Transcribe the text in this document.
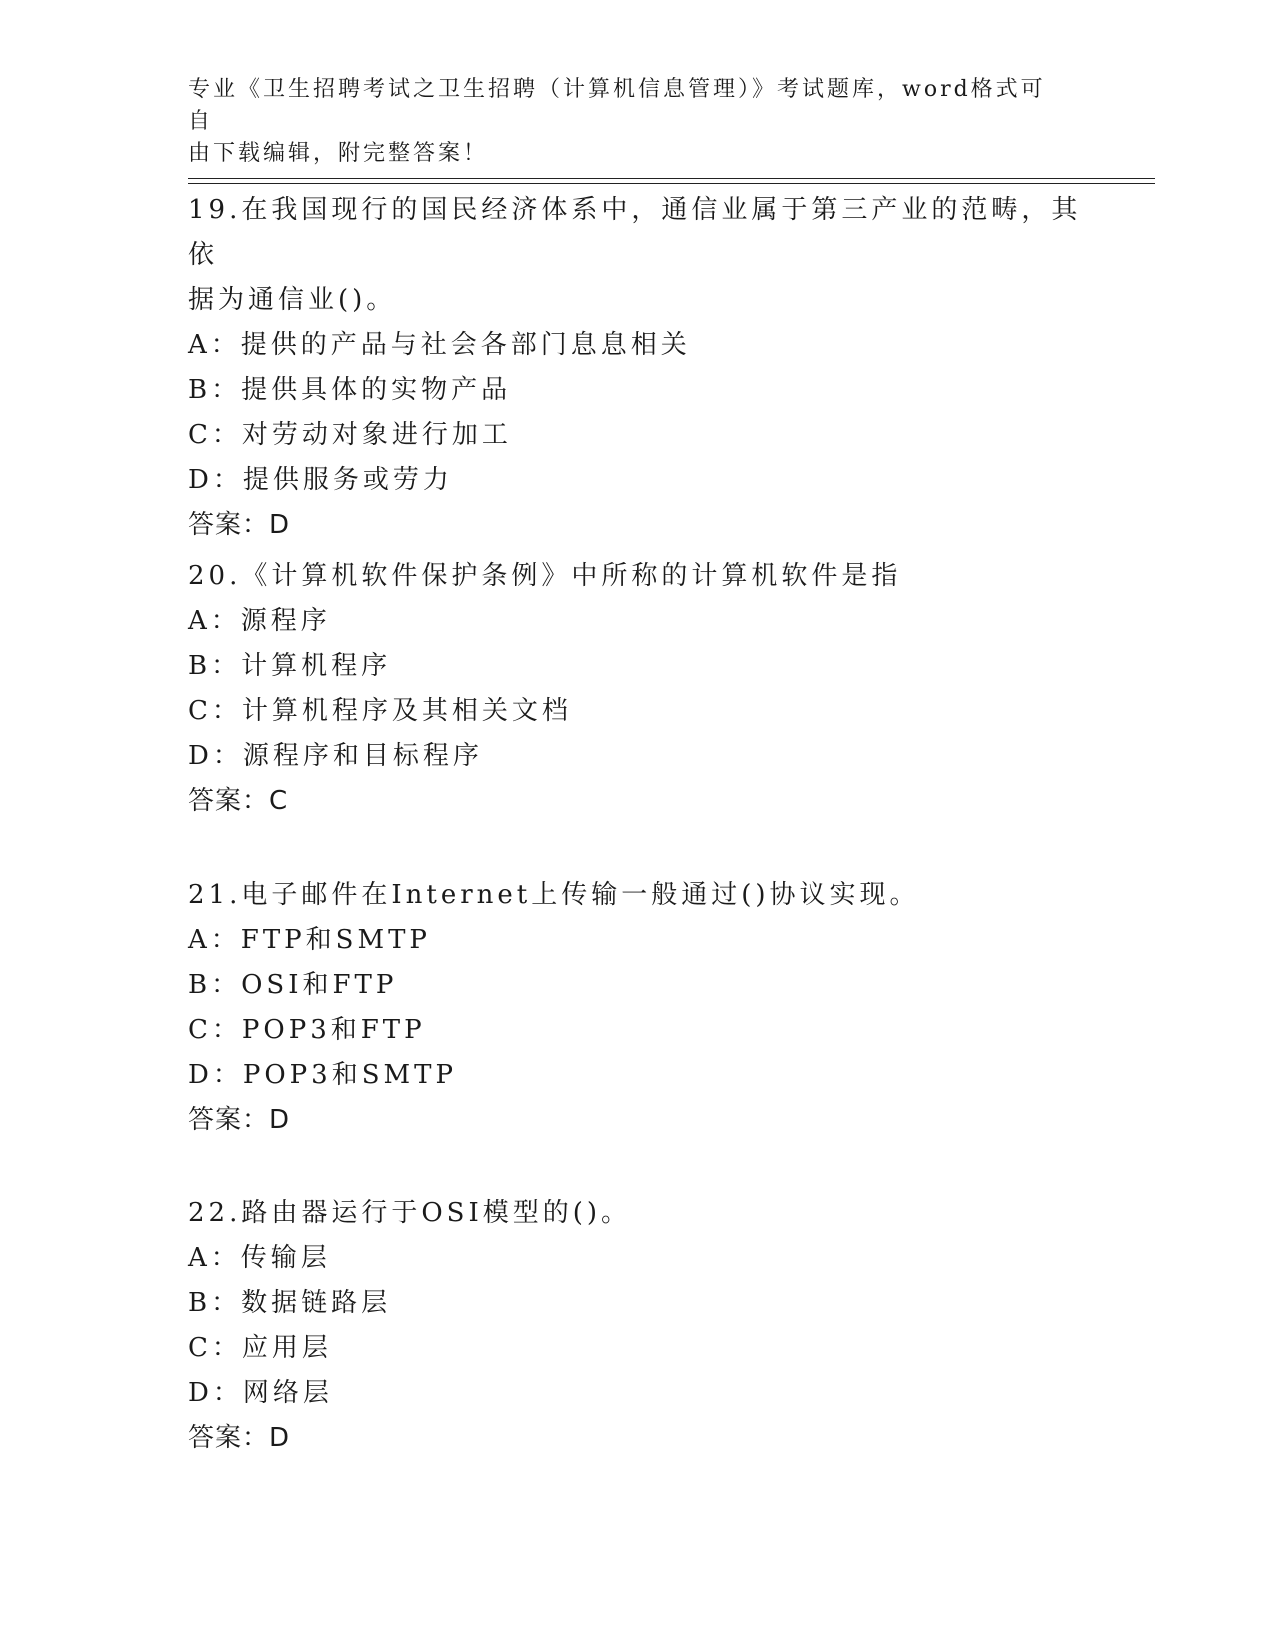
专业《卫生招聘考试之卫生招聘（计算机信息管理）》考试题库，word格式可自
由下载编辑，附完整答案！

19.在我国现行的国民经济体系中，通信业属于第三产业的范畴，其依

据为通信业()。

A：提供的产品与社会各部门息息相关

B：提供具体的实物产品

C：对劳动对象进行加工

D：提供服务或劳力

答案：D

20.《计算机软件保护条例》中所称的计算机软件是指

A：源程序

B：计算机程序

C：计算机程序及其相关文档

D：源程序和目标程序

答案：C

21.电子邮件在Internet上传输一般通过()协议实现。

A：FTP和SMTP

B：OSI和FTP

C：POP3和FTP

D：POP3和SMTP

答案：D

22.路由器运行于OSI模型的()。

A：传输层

B：数据链路层

C：应用层

D：网络层

答案：D
